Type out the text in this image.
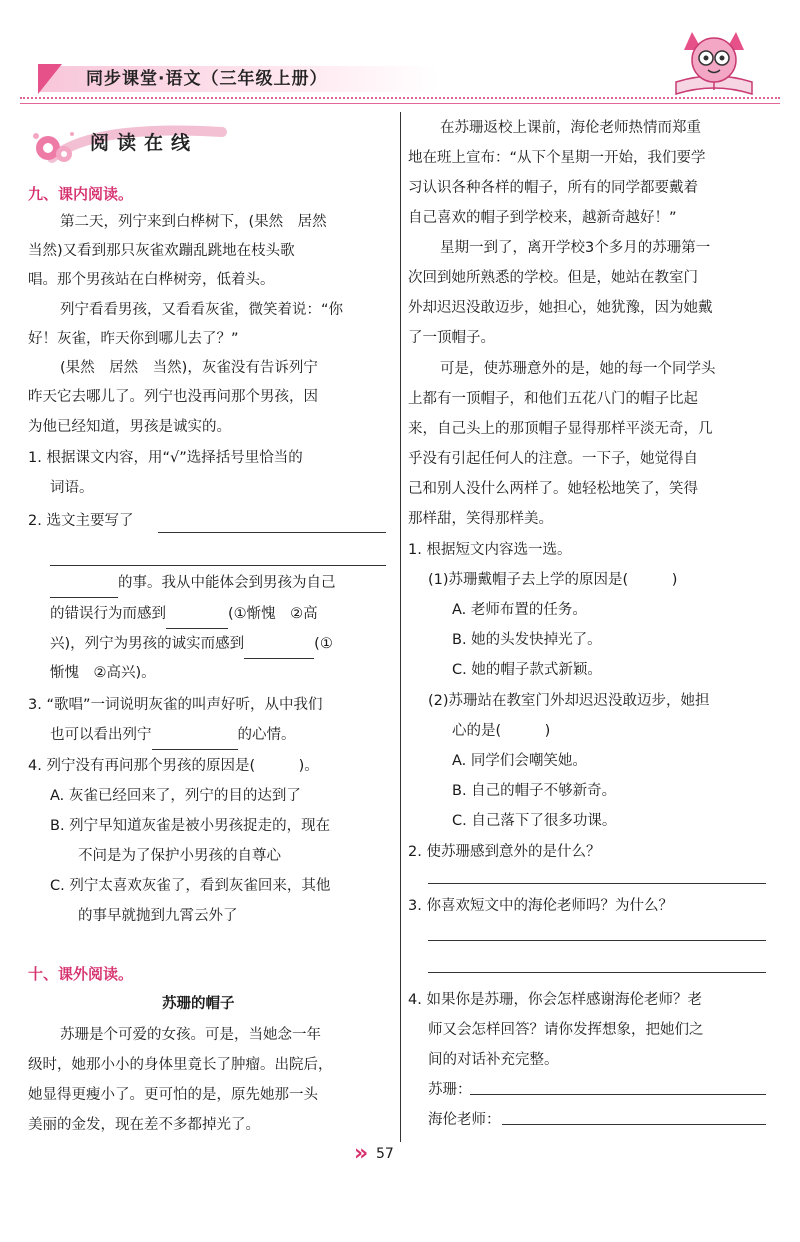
同步课堂·语文（三年级上册）
阅读在线
九、课内阅读。
第二天，列宁来到白桦树下，(果然　居然
当然)又看到那只灰雀欢蹦乱跳地在枝头歌
唱。那个男孩站在白桦树旁，低着头。
列宁看看男孩，又看看灰雀，微笑着说：“你
好！灰雀，昨天你到哪儿去了？”
(果然　居然　当然)，灰雀没有告诉列宁
昨天它去哪儿了。列宁也没再问那个男孩，因
为他已经知道，男孩是诚实的。
1. 根据课文内容，用“√”选择括号里恰当的
词语。
2. 选文主要写了
的事。我从中能体会到男孩为自己
的错误行为而感到	(①惭愧　②高
兴)，列宁为男孩的诚实而感到	(①
惭愧　②高兴)。
3. “歌唱”一词说明灰雀的叫声好听，从中我们
也可以看出列宁	的心情。
4. 列宁没有再问那个男孩的原因是(　　　)。
A. 灰雀已经回来了，列宁的目的达到了
B. 列宁早知道灰雀是被小男孩捉走的，现在
不问是为了保护小男孩的自尊心
C. 列宁太喜欢灰雀了，看到灰雀回来，其他
的事早就抛到九霄云外了
十、课外阅读。
苏珊的帽子
苏珊是个可爱的女孩。可是，当她念一年
级时，她那小小的身体里竟长了肿瘤。出院后，
她显得更瘦小了。更可怕的是，原先她那一头
美丽的金发，现在差不多都掉光了。
在苏珊返校上课前，海伦老师热情而郑重
地在班上宣布：“从下个星期一开始，我们要学
习认识各种各样的帽子，所有的同学都要戴着
自己喜欢的帽子到学校来，越新奇越好！”
星期一到了，离开学校3个多月的苏珊第一
次回到她所熟悉的学校。但是，她站在教室门
外却迟迟没敢迈步，她担心，她犹豫，因为她戴
了一顶帽子。
可是，使苏珊意外的是，她的每一个同学头
上都有一顶帽子，和他们五花八门的帽子比起
来，自己头上的那顶帽子显得那样平淡无奇，几
乎没有引起任何人的注意。一下子，她觉得自
己和别人没什么两样了。她轻松地笑了，笑得
那样甜，笑得那样美。
1. 根据短文内容选一选。
(1)苏珊戴帽子去上学的原因是(　　　)
A. 老师布置的任务。
B. 她的头发快掉光了。
C. 她的帽子款式新颖。
(2)苏珊站在教室门外却迟迟没敢迈步，她担
心的是(　　　)
A. 同学们会嘲笑她。
B. 自己的帽子不够新奇。
C. 自己落下了很多功课。
2. 使苏珊感到意外的是什么？
3. 你喜欢短文中的海伦老师吗？为什么？
4. 如果你是苏珊，你会怎样感谢海伦老师？老
师又会怎样回答？请你发挥想象，把她们之
间的对话补充完整。
苏珊：
海伦老师：
» 57
